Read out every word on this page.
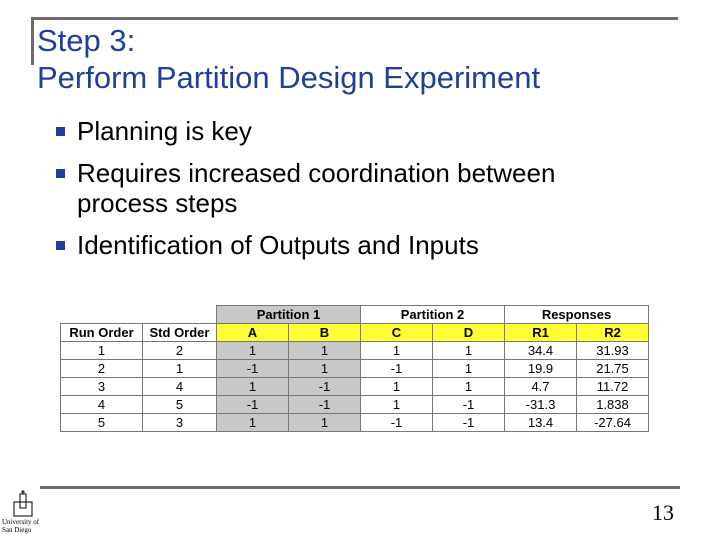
Step 3:
Perform Partition Design Experiment
Planning is key
Requires increased coordination between process steps
Identification of Outputs and Inputs
		Partition 1		Partition 2		Responses	
Run Order	Std Order	A	B	C	D	R1	R2
1	2	1	1	1	1	34.4	31.93
2	1	-1	1	-1	1	19.9	21.75
3	4	1	-1	1	1	4.7	11.72
4	5	-1	-1	1	-1	-31.3	1.838
5	3	1	1	-1	-1	13.4	-27.64
University of San Diego
13
